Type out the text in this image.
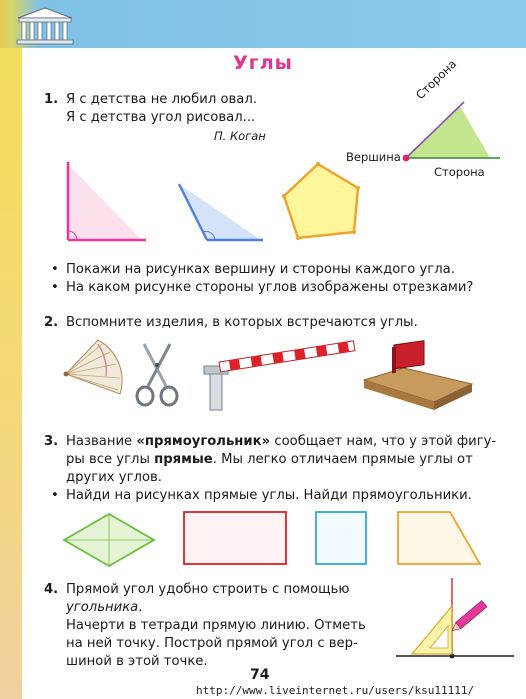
Углы
1. Я с детства не любил овал.
Я с детства угол рисовал...
П. Коган
Сторона
Вершина
Сторона
• Покажи на рисунках вершину и стороны каждого угла.
• На каком рисунке стороны углов изображены отрезками?
2. Вспомните изделия, в которых встречаются углы.
3. Название «прямоугольник» сообщает нам, что у этой фигу-
ры все углы прямые. Мы легко отличаем прямые углы от
других углов.
• Найди на рисунках прямые углы. Найди прямоугольники.
4. Прямой угол удобно строить с помощью
угольника.
Начерти в тетради прямую линию. Отметь
на ней точку. Построй прямой угол с вер-
шиной в этой точке.
74
http://www.liveinternet.ru/users/ksu11111/
